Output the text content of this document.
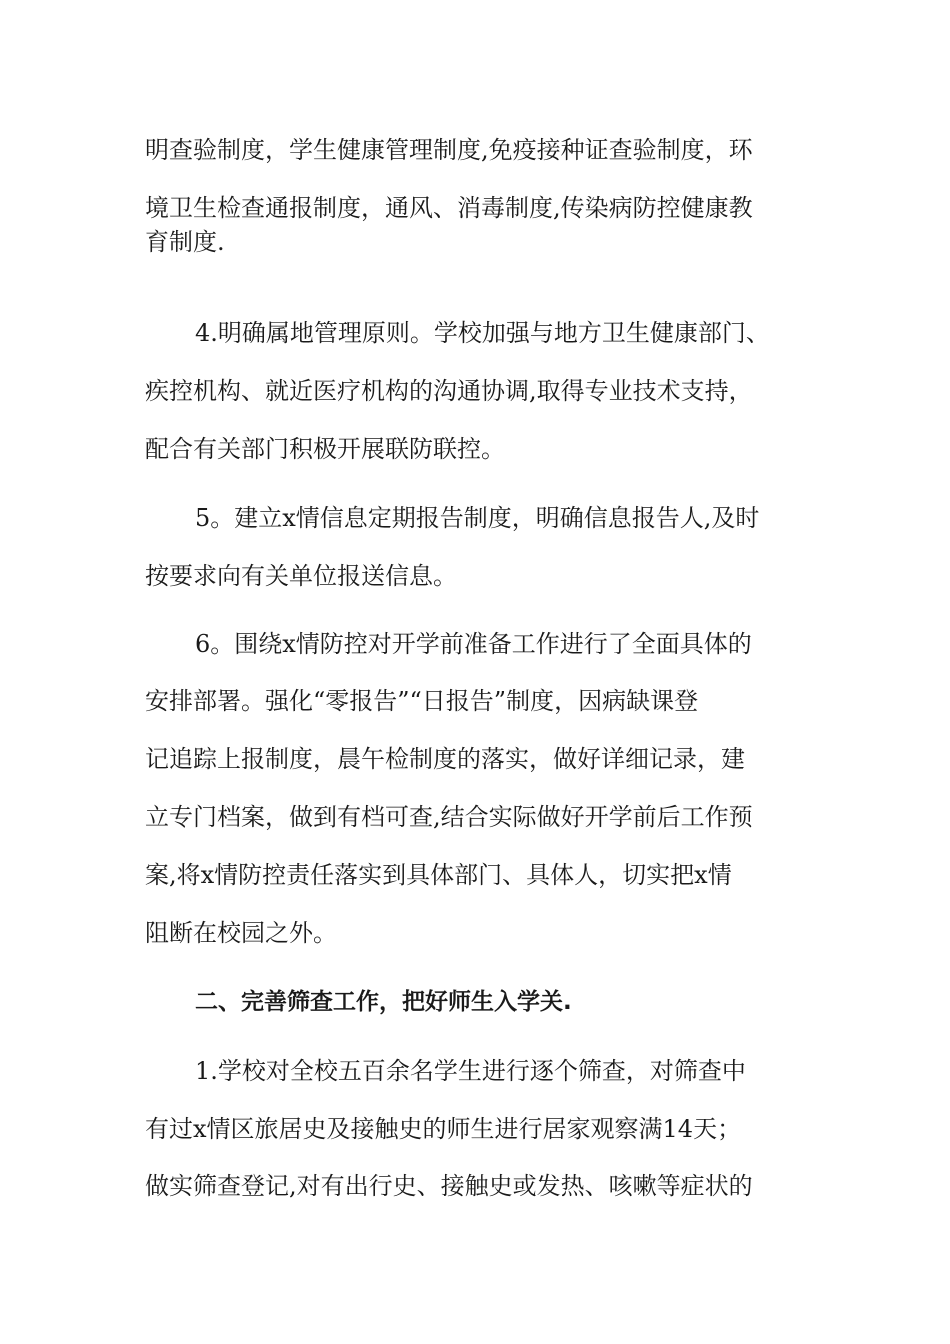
明查验制度，学生健康管理制度,免疫接种证查验制度，环
境卫生检查通报制度，通风、消毒制度,传染病防控健康教
育制度.
4.明确属地管理原则。学校加强与地方卫生健康部门、
疾控机构、就近医疗机构的沟通协调,取得专业技术支持，
配合有关部门积极开展联防联控。
5。建立x情信息定期报告制度，明确信息报告人,及时
按要求向有关单位报送信息。
6。围绕x情防控对开学前准备工作进行了全面具体的
安排部署。强化“零报告”“日报告”制度，因病缺课登
记追踪上报制度，晨午检制度的落实，做好详细记录，建
立专门档案，做到有档可查,结合实际做好开学前后工作预
案,将x情防控责任落实到具体部门、具体人，切实把x情
阻断在校园之外。
二、完善筛查工作，把好师生入学关.
1.学校对全校五百余名学生进行逐个筛查，对筛查中
有过x情区旅居史及接触史的师生进行居家观察满14天；
做实筛查登记,对有出行史、接触史或发热、咳嗽等症状的
